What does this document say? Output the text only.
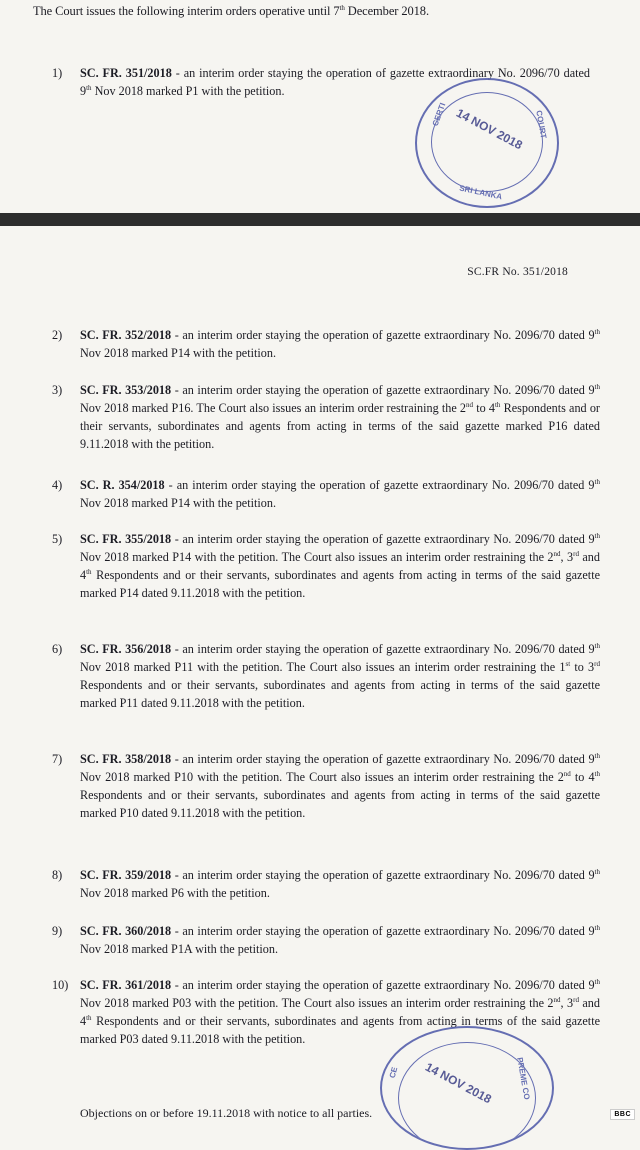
The Court issues the following interim orders operative until 7th December 2018.
1)	SC. FR. 351/2018 - an interim order staying the operation of gazette extraordinary No. 2096/70 dated 9th Nov 2018 marked P1 with the petition.
CERTI
SRI LANKA
COURT
14 NOV 2018
SC.FR No. 351/2018
2)	SC. FR. 352/2018 - an interim order staying the operation of gazette extraordinary No. 2096/70 dated 9th Nov 2018 marked P14 with the petition.
3)	SC. FR. 353/2018 - an interim order staying the operation of gazette extraordinary No. 2096/70 dated 9th Nov 2018 marked P16. The Court also issues an interim order restraining the 2nd to 4th Respondents and or their servants, subordinates and agents from acting in terms of the said gazette marked P16 dated 9.11.2018 with the petition.
4)	SC. R. 354/2018 - an interim order staying the operation of gazette extraordinary No. 2096/70 dated 9th Nov 2018 marked P14 with the petition.
5)	SC. FR. 355/2018 - an interim order staying the operation of gazette extraordinary No. 2096/70 dated 9th Nov 2018 marked P14 with the petition. The Court also issues an interim order restraining the 2nd, 3rd and 4th Respondents and or their servants, subordinates and agents from acting in terms of the said gazette marked P14 dated 9.11.2018 with the petition.
6)	SC. FR. 356/2018 - an interim order staying the operation of gazette extraordinary No. 2096/70 dated 9th Nov 2018 marked P11 with the petition. The Court also issues an interim order restraining the 1st to 3rd Respondents and or their servants, subordinates and agents from acting in terms of the said gazette marked P11 dated 9.11.2018 with the petition.
7)	SC. FR. 358/2018 - an interim order staying the operation of gazette extraordinary No. 2096/70 dated 9th Nov 2018 marked P10 with the petition. The Court also issues an interim order restraining the 2nd to 4th Respondents and or their servants, subordinates and agents from acting in terms of the said gazette marked P10 dated 9.11.2018 with the petition.
8)	SC. FR. 359/2018 - an interim order staying the operation of gazette extraordinary No. 2096/70 dated 9th Nov 2018 marked P6 with the petition.
9)	SC. FR. 360/2018 - an interim order staying the operation of gazette extraordinary No. 2096/70 dated 9th Nov 2018 marked P1A with the petition.
10) SC. FR. 361/2018 - an interim order staying the operation of gazette extraordinary No. 2096/70 dated 9th Nov 2018 marked P03 with the petition. The Court also issues an interim order restraining the 2nd, 3rd and 4th Respondents and or their servants, subordinates and agents from acting in terms of the said gazette marked P03 dated 9.11.2018 with the petition.
Objections on or before 19.11.2018 with notice to all parties.
CE	PREME CO
14 NOV 2018
BBC
